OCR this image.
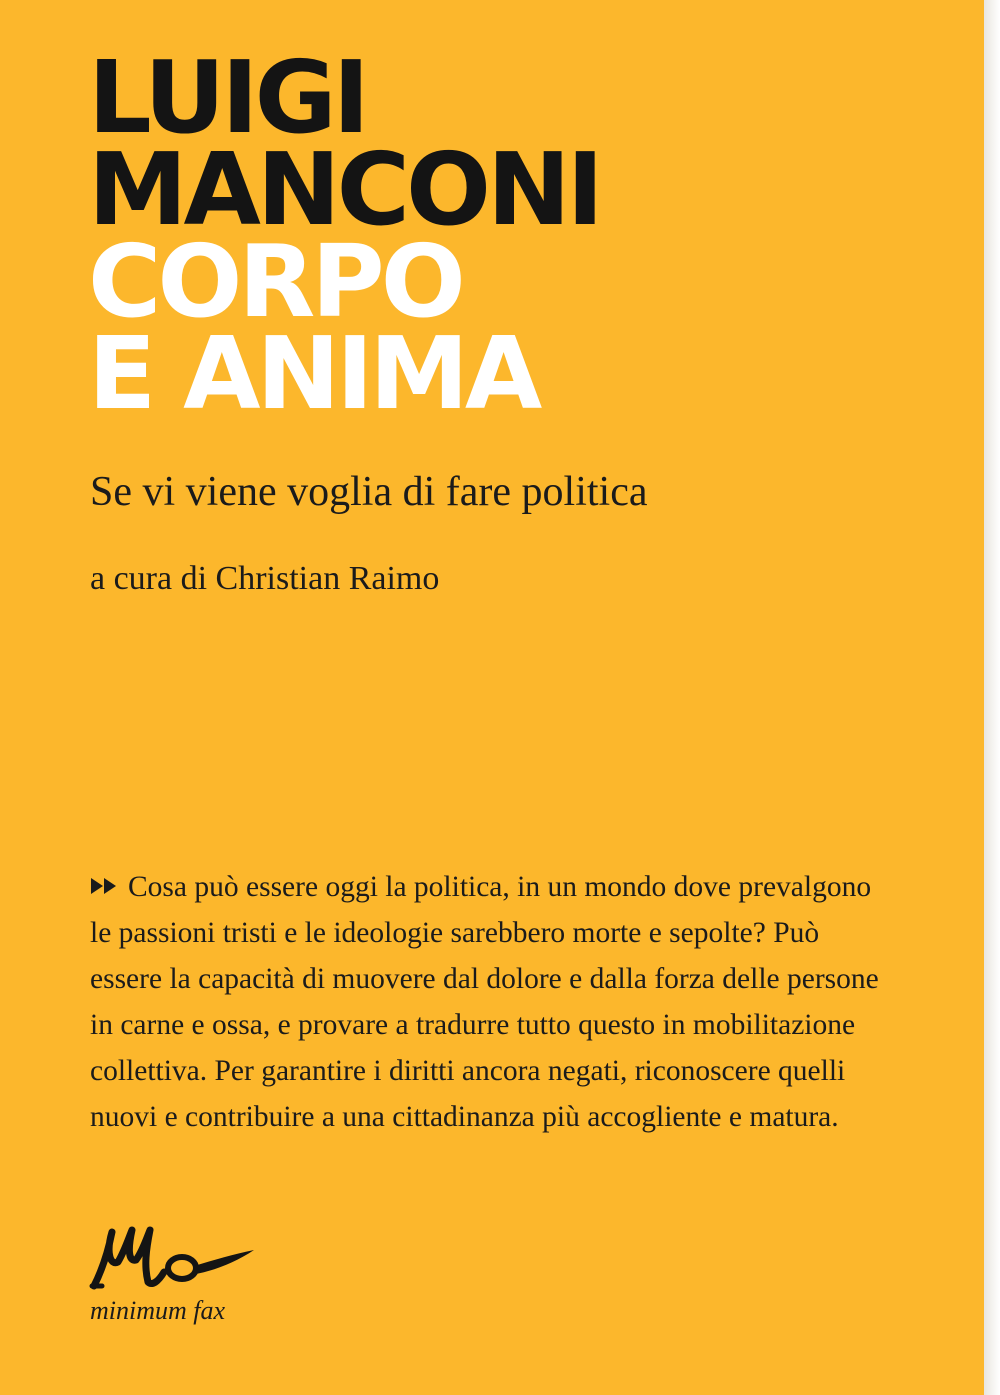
LUIGI
MANCONI
CORPO
E ANIMA
Se vi viene voglia di fare politica
a cura di Christian Raimo
Cosa può essere oggi la politica, in un mondo dove prevalgono
le passioni tristi e le ideologie sarebbero morte e sepolte? Può
essere la capacità di muovere dal dolore e dalla forza delle persone
in carne e ossa, e provare a tradurre tutto questo in mobilitazione
collettiva. Per garantire i diritti ancora negati, riconoscere quelli
nuovi e contribuire a una cittadinanza più accogliente e matura.
minimum fax
